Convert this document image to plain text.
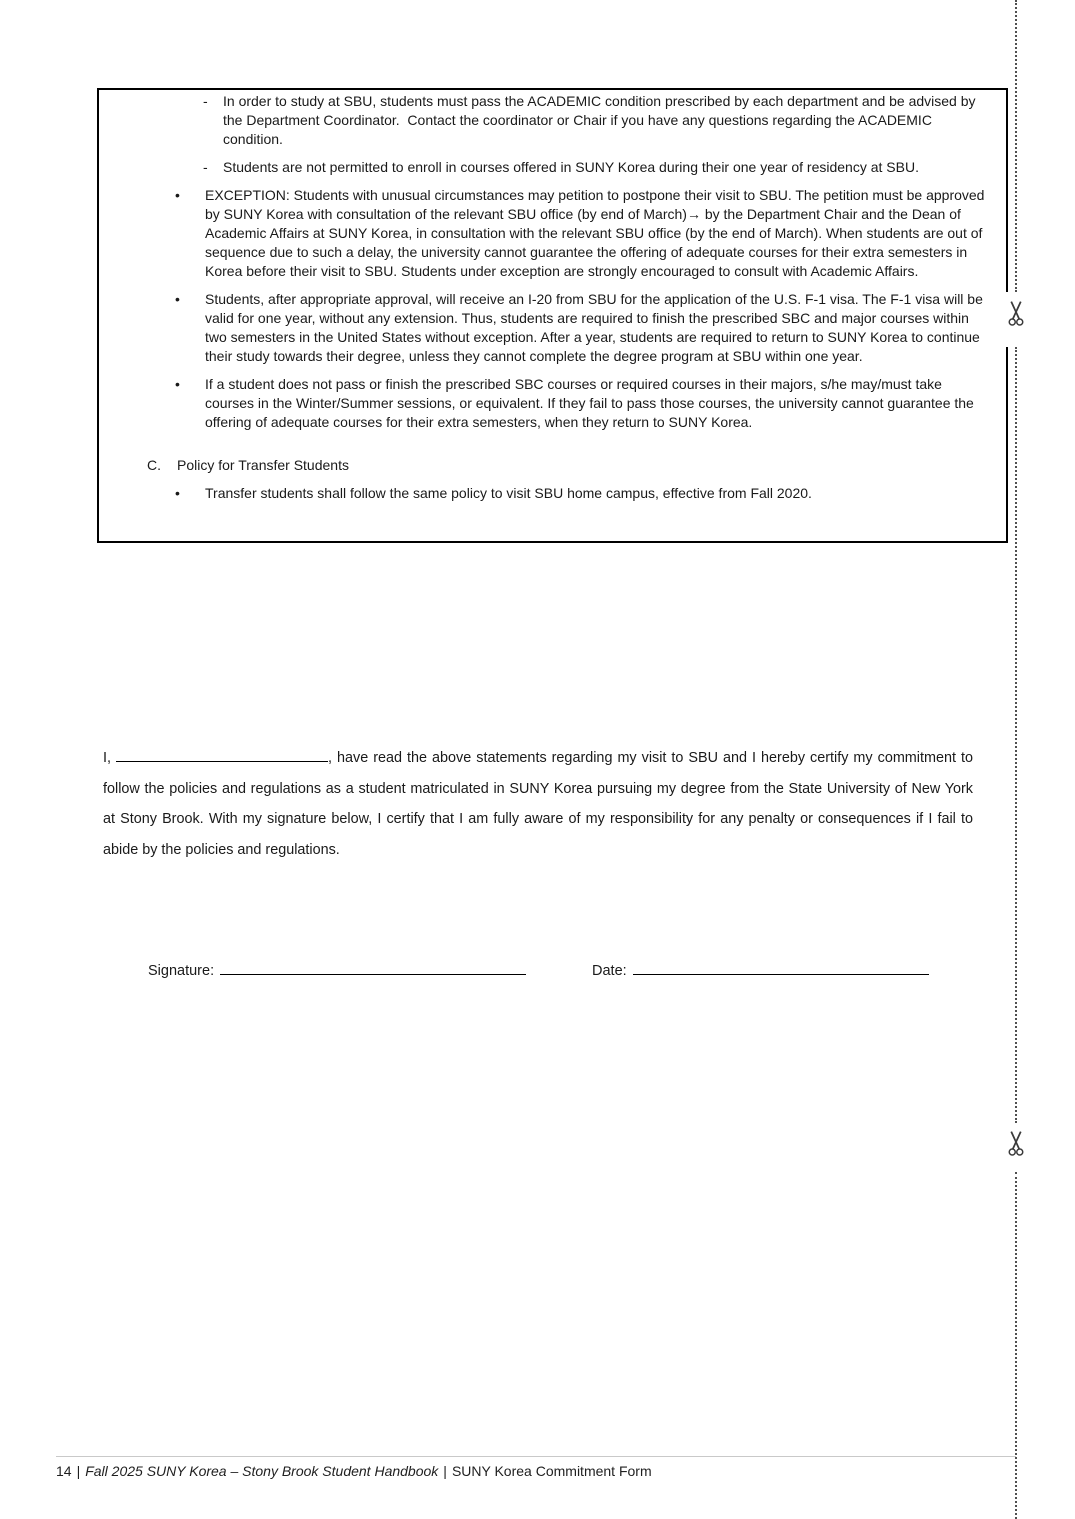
-	In order to study at SBU, students must pass the ACADEMIC condition prescribed by each department and be advised by the Department Coordinator.  Contact the coordinator or Chair if you have any questions regarding the ACADEMIC condition.
-	Students are not permitted to enroll in courses offered in SUNY Korea during their one year of residency at SBU.
•	EXCEPTION: Students with unusual circumstances may petition to postpone their visit to SBU. The petition must be approved by SUNY Korea with consultation of the relevant SBU office (by end of March)→ by the Department Chair and the Dean of Academic Affairs at SUNY Korea, in consultation with the relevant SBU office (by the end of March). When students are out of sequence due to such a delay, the university cannot guarantee the offering of adequate courses for their extra semesters in Korea before their visit to SBU. Students under exception are strongly encouraged to consult with Academic Affairs.
•	Students, after appropriate approval, will receive an I-20 from SBU for the application of the U.S. F-1 visa. The F-1 visa will be valid for one year, without any extension. Thus, students are required to finish the prescribed SBC and major courses within two semesters in the United States without exception. After a year, students are required to return to SUNY Korea to continue their study towards their degree, unless they cannot complete the degree program at SBU within one year.
•	If a student does not pass or finish the prescribed SBC courses or required courses in their majors, s/he may/must take courses in the Winter/Summer sessions, or equivalent. If they fail to pass those courses, the university cannot guarantee the offering of adequate courses for their extra semesters, when they return to SUNY Korea.
C.	Policy for Transfer Students
•	Transfer students shall follow the same policy to visit SBU home campus, effective from Fall 2020.
I,	, have read the above statements regarding my visit to SBU and I hereby certify my commitment to follow the policies and regulations as a student matriculated in SUNY Korea pursuing my degree from the State University of New York at Stony Brook. With my signature below, I certify that I am fully aware of my responsibility for any penalty or consequences if I fail to abide by the policies and regulations.
Signature:	Date:
14 | Fall 2025 SUNY Korea – Stony Brook Student Handbook | SUNY Korea Commitment Form
